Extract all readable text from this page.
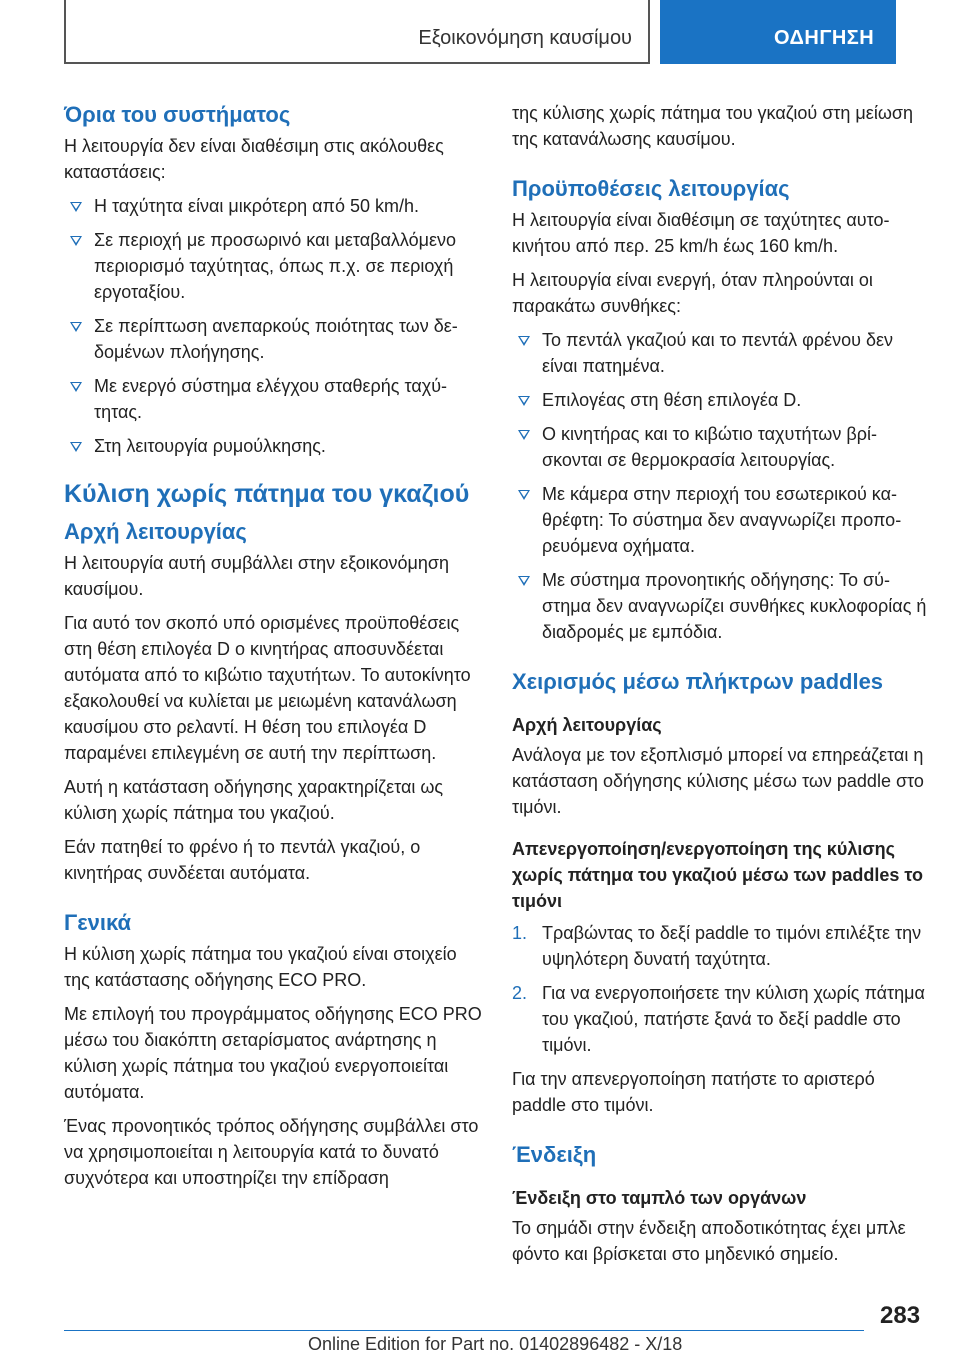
Εξοικονόμηση καυσίμου	ΟΔΗΓΗΣΗ
Όρια του συστήματος

Η λειτουργία δεν είναι διαθέσιμη στις ακόλουθες καταστάσεις:

Η ταχύτητα είναι μικρότερη από 50 km/h.
Σε περιοχή με προσωρινό και μεταβαλλόμενο περιορισμό ταχύτητας, όπως π.χ. σε περιοχή εργοταξίου.
Σε περίπτωση ανεπαρκούς ποιότητας των δεδομένων πλοήγησης.
Με ενεργό σύστημα ελέγχου σταθερής ταχύτητας.
Στη λειτουργία ρυμούλκησης.
Κύλιση χωρίς πάτημα του γκαζιού
Αρχή λειτουργίας

Η λειτουργία αυτή συμβάλλει στην εξοικονόμηση καυσίμου.

Για αυτό τον σκοπό υπό ορισμένες προϋποθέσεις στη θέση επιλογέα D ο κινητήρας αποσυνδέεται αυτόματα από το κιβώτιο ταχυτήτων. Το αυτοκίνητο εξακολουθεί να κυλίεται με μειωμένη κατανάλωση καυσίμου στο ρελαντί. Η θέση του επιλογέα D παραμένει επιλεγμένη σε αυτή την περίπτωση.

Αυτή η κατάσταση οδήγησης χαρακτηρίζεται ως κύλιση χωρίς πάτημα του γκαζιού.

Εάν πατηθεί το φρένο ή το πεντάλ γκαζιού, ο κινητήρας συνδέεται αυτόματα.

Γενικά

Η κύλιση χωρίς πάτημα του γκαζιού είναι στοιχείο της κατάστασης οδήγησης ECO PRO.

Με επιλογή του προγράμματος οδήγησης ECO PRO μέσω του διακόπτη σεταρίσματος ανάρτησης η κύλιση χωρίς πάτημα του γκαζιού ενεργοποιείται αυτόματα.

Ένας προνοητικός τρόπος οδήγησης συμβάλλει στο να χρησιμοποιείται η λειτουργία κατά το δυνατό συχνότερα και υποστηρίζει την επίδραση

της κύλισης χωρίς πάτημα του γκαζιού στη μείωση της κατανάλωσης καυσίμου.

Προϋποθέσεις λειτουργίας

Η λειτουργία είναι διαθέσιμη σε ταχύτητες αυτοκινήτου από περ. 25 km/h έως 160 km/h.

Η λειτουργία είναι ενεργή, όταν πληρούνται οι παρακάτω συνθήκες:

Το πεντάλ γκαζιού και το πεντάλ φρένου δεν είναι πατημένα.
Επιλογέας στη θέση επιλογέα D.
Ο κινητήρας και το κιβώτιο ταχυτήτων βρίσκονται σε θερμοκρασία λειτουργίας.
Με κάμερα στην περιοχή του εσωτερικού καθρέφτη: Το σύστημα δεν αναγνωρίζει προπορευόμενα οχήματα.
Με σύστημα προνοητικής οδήγησης: Το σύστημα δεν αναγνωρίζει συνθήκες κυκλοφορίας ή διαδρομές με εμπόδια.
Χειρισμός μέσω πλήκτρων paddles
Αρχή λειτουργίας

Ανάλογα με τον εξοπλισμό μπορεί να επηρεάζεται η κατάσταση οδήγησης κύλισης μέσω των paddle στο τιμόνι.

Απενεργοποίηση/ενεργοποίηση της κύλισης χωρίς πάτημα του γκαζιού μέσω των paddles το τιμόνι
1. Τραβώντας το δεξί paddle το τιμόνι επιλέξτε την υψηλότερη δυνατή ταχύτητα.
2. Για να ενεργοποιήσετε την κύλιση χωρίς πάτημα του γκαζιού, πατήστε ξανά το δεξί paddle στο τιμόνι.

Για την απενεργοποίηση πατήστε το αριστερό paddle στο τιμόνι.

Ένδειξη
Ένδειξη στο ταμπλό των οργάνων

Το σημάδι στην ένδειξη αποδοτικότητας έχει μπλε φόντο και βρίσκεται στο μηδενικό σημείο.

283
Online Edition for Part no. 01402896482 - X/18
